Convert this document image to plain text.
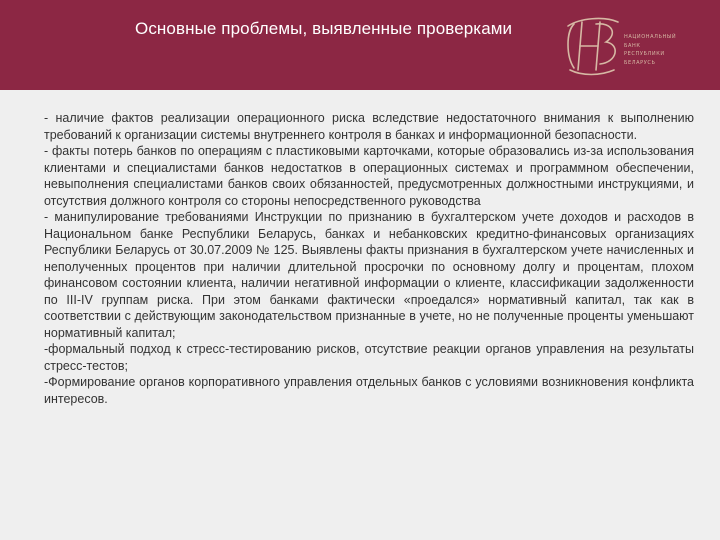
Основные проблемы, выявленные проверками	НАЦИОНАЛЬНЫЙ
БАНК
РЕСПУБЛИКИ
БЕЛАРУСЬ

- наличие фактов реализации операционного риска вследствие недостаточного внимания к выполнению требований к организации системы внутреннего контроля в банках и информационной безопасности.

- факты потерь банков по операциям с пластиковыми карточками, которые образовались из-за использования клиентами и специалистами банков недостатков в операционных системах и программном обеспечении, невыполнения специалистами банков своих обязанностей, предусмотренных должностными инструкциями, и отсутствия должного контроля со стороны непосредственного руководства

- манипулирование требованиями Инструкции по признанию в бухгалтерском учете доходов и расходов в Национальном банке Республики Беларусь, банках и небанковских кредитно-финансовых организациях Республики Беларусь от 30.07.2009 № 125. Выявлены факты признания в бухгалтерском учете начисленных и неполученных процентов при наличии длительной просрочки по основному долгу и процентам, плохом финансовом состоянии клиента, наличии негативной информации о клиенте, классификации задолженности по III-IV группам риска. При этом банками фактически «проедался» нормативный капитал, так как в соответствии с действующим законодательством признанные в учете, но не полученные проценты уменьшают нормативный капитал;

-формальный подход к стресс-тестированию рисков, отсутствие реакции органов управления на результаты стресс-тестов;

-Формирование органов корпоративного управления отдельных банков с условиями возникновения конфликта интересов.
